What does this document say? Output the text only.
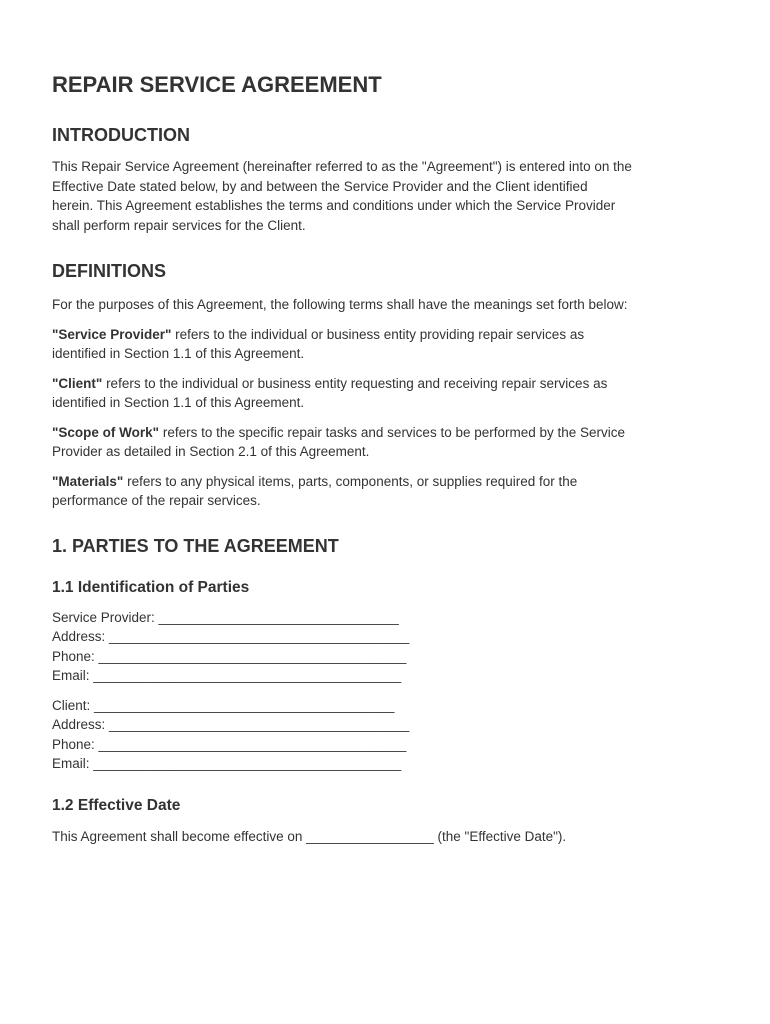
REPAIR SERVICE AGREEMENT
INTRODUCTION

This Repair Service Agreement (hereinafter referred to as the "Agreement") is entered into on the

Effective Date stated below, by and between the Service Provider and the Client identified

herein. This Agreement establishes the terms and conditions under which the Service Provider

shall perform repair services for the Client.

DEFINITIONS

For the purposes of this Agreement, the following terms shall have the meanings set forth below:

"Service Provider" refers to the individual or business entity providing repair services as

identified in Section 1.1 of this Agreement.

"Client" refers to the individual or business entity requesting and receiving repair services as

identified in Section 1.1 of this Agreement.

"Scope of Work" refers to the specific repair tasks and services to be performed by the Service

Provider as detailed in Section 2.1 of this Agreement.

"Materials" refers to any physical items, parts, components, or supplies required for the

performance of the repair services.

1. PARTIES TO THE AGREEMENT
1.1 Identification of Parties

Service Provider: ________________________________

Address: ________________________________________

Phone: _________________________________________

Email: _________________________________________

Client: ________________________________________

Address: ________________________________________

Phone: _________________________________________

Email: _________________________________________

1.2 Effective Date

This Agreement shall become effective on _________________ (the "Effective Date").
